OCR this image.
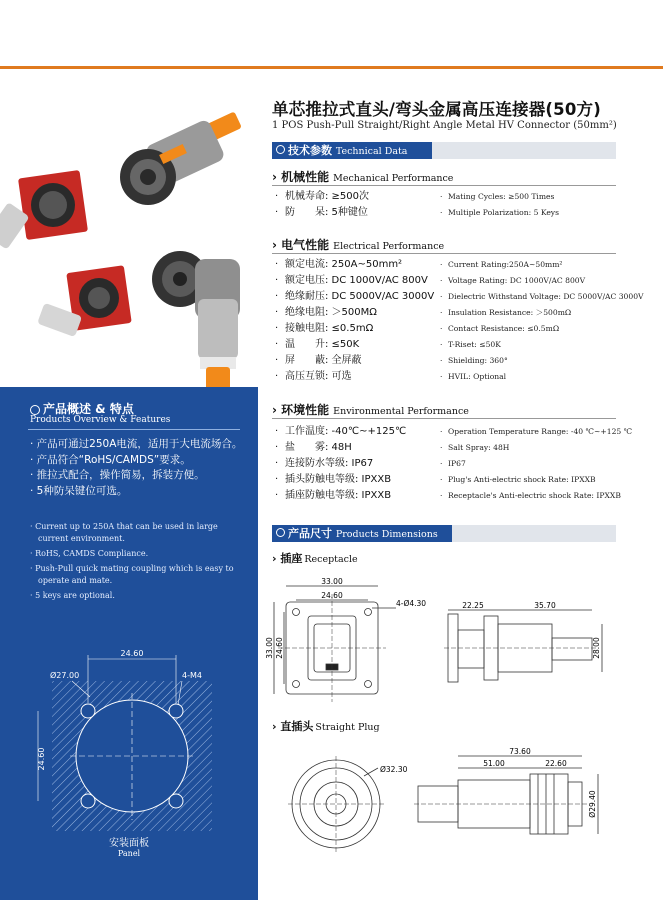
产品概述 & 特点
Products Overview & Features
· 产品可通过250A电流，适用于大电流场合。
· 产品符合“RoHS/CAMDS”要求。
· 推拉式配合，操作简易，拆装方便。
· 5种防呆键位可选。
· Current up to 250A that can be used in large current environment.
· RoHS, CAMDS Compliance.
· Push-Pull quick mating coupling which is easy to operate and mate.
· 5 keys are optional.
24.60
24.60
Ø27.00	4-M4
安装面板
Panel
单芯推拉式直头/弯头金属高压连接器(50方)
1 POS Push-Pull Straight/Right Angle Metal HV Connector (50mm²)
技术参数 Technical Data
› 机械性能 Mechanical Performance
· 机械寿命: ≥500次
· 防　　呆: 5种键位
· Mating Cycles: ≥500 Times
· Multiple Polarization: 5 Keys
› 电气性能 Electrical Performance
· 额定电流: 250A~50mm²
· 额定电压: DC 1000V/AC 800V
· 绝缘耐压: DC 5000V/AC 3000V
· 绝缘电阻: ＞500MΩ
· 接触电阻: ≤0.5mΩ
· 温　　升: ≤50K
· 屏　　蔽: 全屏蔽
· 高压互锁: 可选
· Current Rating:250A~50mm²
· Voltage Rating: DC 1000V/AC 800V
· Dielectric Withstand Voltage: DC 5000V/AC 3000V
· Insulation Resistance: ＞500mΩ
· Contact Resistance: ≤0.5mΩ
· T-Riset: ≤50K
· Shielding: 360°
· HVIL: Optional
› 环境性能 Environmental Performance
· 工作温度: -40℃~+125℃
· 盐　　雾: 48H
· 连接防水等级: IP67
· 插头防触电等级: IPXXB
· 插座防触电等级: IPXXB
· Operation Temperature Range: -40 ℃~+125 ℃
· Salt Spray: 48H
· IP67
· Plug's Anti-electric shock Rate: IPXXB
· Receptacle's Anti-electric shock Rate: IPXXB
产品尺寸 Products Dimensions
› 插座 Receptacle
33.00
24.60
4-Ø4.30
33.00 24.60
22.25	35.70
28.00
› 直插头 Straight Plug
Ø32.30
73.60
51.00	22.60
Ø29.40
